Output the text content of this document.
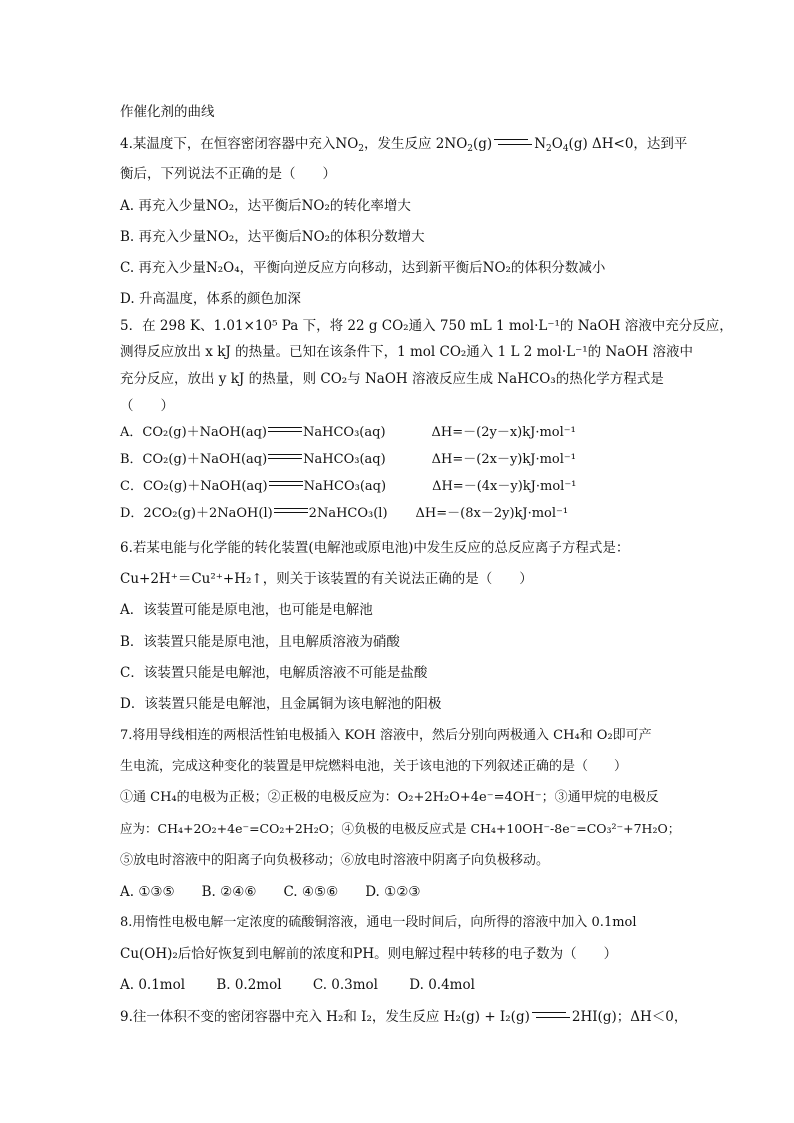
作催化剂的曲线
4.某温度下，在恒容密闭容器中充入$NO_2$，发生反应 $2NO_2(g)$	$N_2O_4(g)$ ΔH<0，达到平
衡后，下列说法不正确的是（　　）
A. 再充入少量NO₂，达平衡后NO₂的转化率增大
B. 再充入少量NO₂，达平衡后NO₂的体积分数增大
C. 再充入少量N₂O₄，平衡向逆反应方向移动，达到新平衡后NO₂的体积分数减小
D. 升高温度，体系的颜色加深
5．在 298 K、1.01×10⁵ Pa 下，将 22 g CO₂通入 750 mL 1 mol·L⁻¹的 NaOH 溶液中充分反应，
测得反应放出 x kJ 的热量。已知在该条件下，1 mol CO₂通入 1 L 2 mol·L⁻¹的 NaOH 溶液中
充分反应，放出 y kJ 的热量，则 CO₂与 NaOH 溶液反应生成 NaHCO₃的热化学方程式是
（　　）
A．CO₂(g)＋NaOH(aq)	NaHCO₃(aq)	ΔH=－(2y－x)kJ·mol⁻¹
B．CO₂(g)＋NaOH(aq)	NaHCO₃(aq)	ΔH=－(2x－y)kJ·mol⁻¹
C．CO₂(g)＋NaOH(aq)	NaHCO₃(aq)	ΔH=－(4x－y)kJ·mol⁻¹
D．2CO₂(g)＋2NaOH(l)	2NaHCO₃(l) ΔH=－(8x－2y)kJ·mol⁻¹
6.若某电能与化学能的转化装置(电解池或原电池)中发生反应的总反应离子方程式是：
Cu+2H⁺＝Cu²⁺+H₂↑，则关于该装置的有关说法正确的是（　　）
A．该装置可能是原电池，也可能是电解池
B．该装置只能是原电池，且电解质溶液为硝酸
C．该装置只能是电解池，电解质溶液不可能是盐酸
D．该装置只能是电解池，且金属铜为该电解池的阳极
7.将用导线相连的两根活性铂电极插入 KOH 溶液中，然后分别向两极通入 CH₄和 O₂即可产
生电流，完成这种变化的装置是甲烷燃料电池，关于该电池的下列叙述正确的是（　　）
①通 CH₄的电极为正极；②正极的电极反应为：O₂+2H₂O+4e⁻=4OH⁻；③通甲烷的电极反
应为：CH₄+2O₂+4e⁻=CO₂+2H₂O；④负极的电极反应式是 CH₄+10OH⁻-8e⁻=CO₃²⁻+7H₂O；
⑤放电时溶液中的阳离子向负极移动；⑥放电时溶液中阴离子向负极移动。
A. ①③⑤　　B. ②④⑥　　C. ④⑤⑥　　D. ①②③
8.用惰性电极电解一定浓度的硫酸铜溶液，通电一段时间后，向所得的溶液中加入 0.1mol
Cu(OH)₂后恰好恢复到电解前的浓度和PH。则电解过程中转移的电子数为（　　）
A. 0.1mol　　 B. 0.2mol　　 C. 0.3mol　　 D. 0.4mol
9.往一体积不变的密闭容器中充入 H₂和 I₂，发生反应 H₂(g) + I₂(g)	2HI(g)；ΔH＜0，
